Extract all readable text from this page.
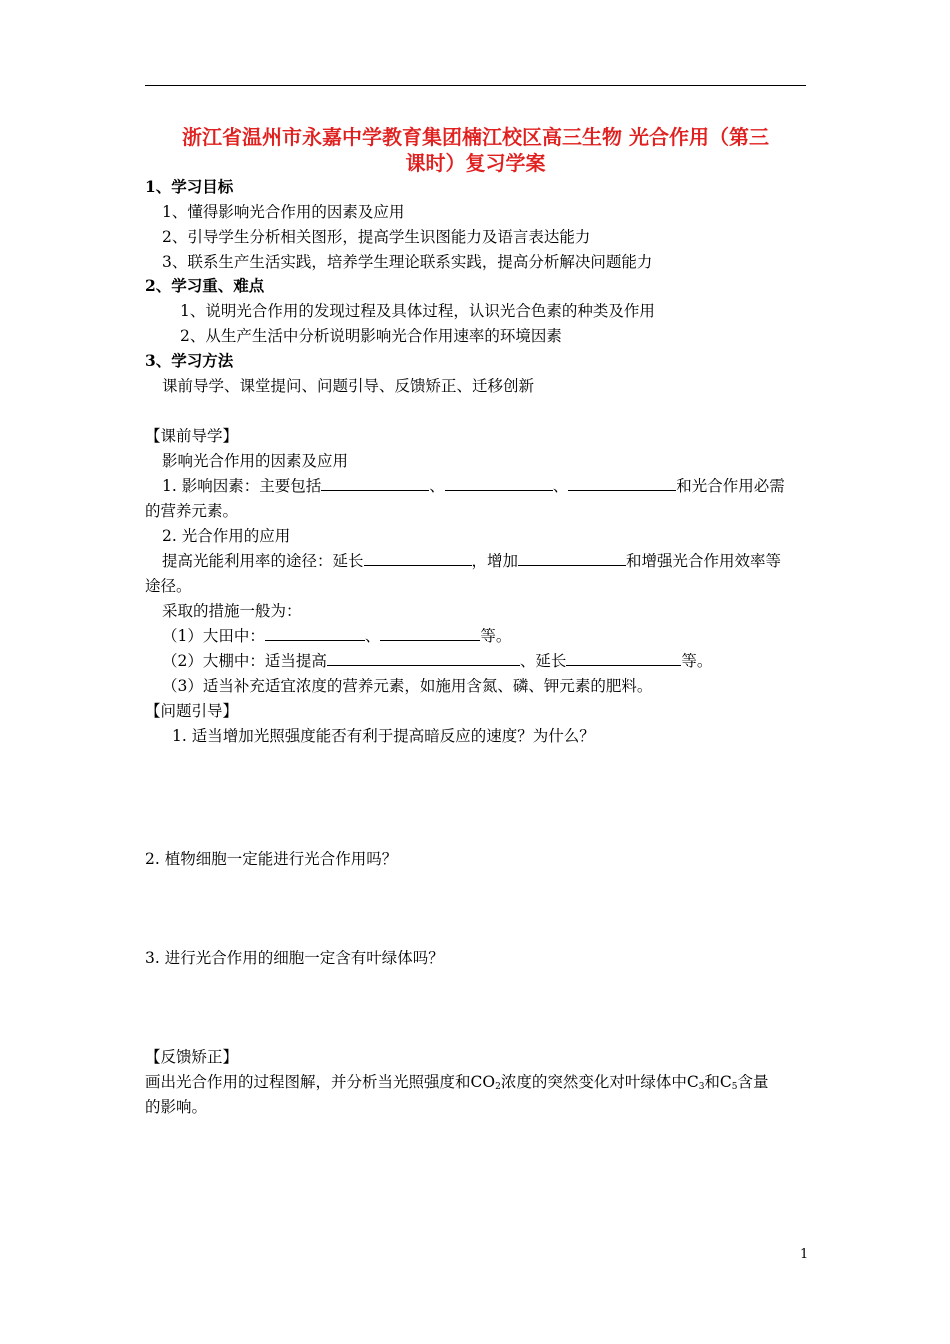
浙江省温州市永嘉中学教育集团楠江校区高三生物 光合作用（第三
课时）复习学案
1、学习目标
1、懂得影响光合作用的因素及应用
2、引导学生分析相关图形，提高学生识图能力及语言表达能力
3、联系生产生活实践，培养学生理论联系实践，提高分析解决问题能力
2、学习重、难点
1、说明光合作用的发现过程及具体过程，认识光合色素的种类及作用
2、从生产生活中分析说明影响光合作用速率的环境因素
3、学习方法
课前导学、课堂提问、问题引导、反馈矫正、迁移创新
【课前导学】
影响光合作用的因素及应用
1. 影响因素：主要包括	、	、	和光合作用必需
的营养元素。
2. 光合作用的应用
提高光能利用率的途径：延长	，增加	和增强光合作用效率等
途径。
采取的措施一般为：
（1）大田中：	、	等。
（2）大棚中：适当提高	、延长	等。
（3）适当补充适宜浓度的营养元素，如施用含氮、磷、钾元素的肥料。
【问题引导】
1. 适当增加光照强度能否有利于提高暗反应的速度？为什么？
2. 植物细胞一定能进行光合作用吗？
3. 进行光合作用的细胞一定含有叶绿体吗？
【反馈矫正】
画出光合作用的过程图解，并分析当光照强度和$CO_2$浓度的突然变化对叶绿体中$C_3$和$C_5$含量
的影响。
1
